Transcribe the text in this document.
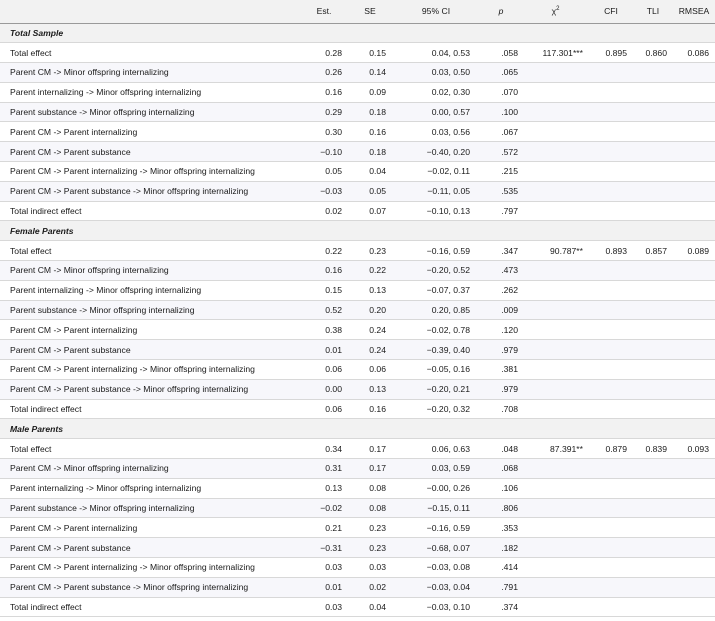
	Est.	SE	95% CI	p	$\chi^2$	CFI	TLI	RMSEA
Total Sample								
Total effect	0.28	0.15	0.04, 0.53	.058	117.301***	0.895	0.860	0.086
Parent CM -> Minor offspring internalizing	0.26	0.14	0.03, 0.50	.065				
Parent internalizing -> Minor offspring internalizing	0.16	0.09	0.02, 0.30	.070				
Parent substance -> Minor offspring internalizing	0.29	0.18	0.00, 0.57	.100				
Parent CM -> Parent internalizing	0.30	0.16	0.03, 0.56	.067				
Parent CM -> Parent substance	−0.10	0.18	−0.40, 0.20	.572				
Parent CM -> Parent internalizing -> Minor offspring internalizing	0.05	0.04	−0.02, 0.11	.215				
Parent CM -> Parent substance -> Minor offspring internalizing	−0.03	0.05	−0.11, 0.05	.535				
Total indirect effect	0.02	0.07	−0.10, 0.13	.797				
Female Parents								
Total effect	0.22	0.23	−0.16, 0.59	.347	90.787**	0.893	0.857	0.089
Parent CM -> Minor offspring internalizing	0.16	0.22	−0.20, 0.52	.473				
Parent internalizing -> Minor offspring internalizing	0.15	0.13	−0.07, 0.37	.262				
Parent substance -> Minor offspring internalizing	0.52	0.20	0.20, 0.85	.009				
Parent CM -> Parent internalizing	0.38	0.24	−0.02, 0.78	.120				
Parent CM -> Parent substance	0.01	0.24	−0.39, 0.40	.979				
Parent CM -> Parent internalizing -> Minor offspring internalizing	0.06	0.06	−0.05, 0.16	.381				
Parent CM -> Parent substance -> Minor offspring internalizing	0.00	0.13	−0.20, 0.21	.979				
Total indirect effect	0.06	0.16	−0.20, 0.32	.708				
Male Parents								
Total effect	0.34	0.17	0.06, 0.63	.048	87.391**	0.879	0.839	0.093
Parent CM -> Minor offspring internalizing	0.31	0.17	0.03, 0.59	.068				
Parent internalizing -> Minor offspring internalizing	0.13	0.08	−0.00, 0.26	.106				
Parent substance -> Minor offspring internalizing	−0.02	0.08	−0.15, 0.11	.806				
Parent CM -> Parent internalizing	0.21	0.23	−0.16, 0.59	.353				
Parent CM -> Parent substance	−0.31	0.23	−0.68, 0.07	.182				
Parent CM -> Parent internalizing -> Minor offspring internalizing	0.03	0.03	−0.03, 0.08	.414				
Parent CM -> Parent substance -> Minor offspring internalizing	0.01	0.02	−0.03, 0.04	.791				
Total indirect effect	0.03	0.04	−0.03, 0.10	.374				
